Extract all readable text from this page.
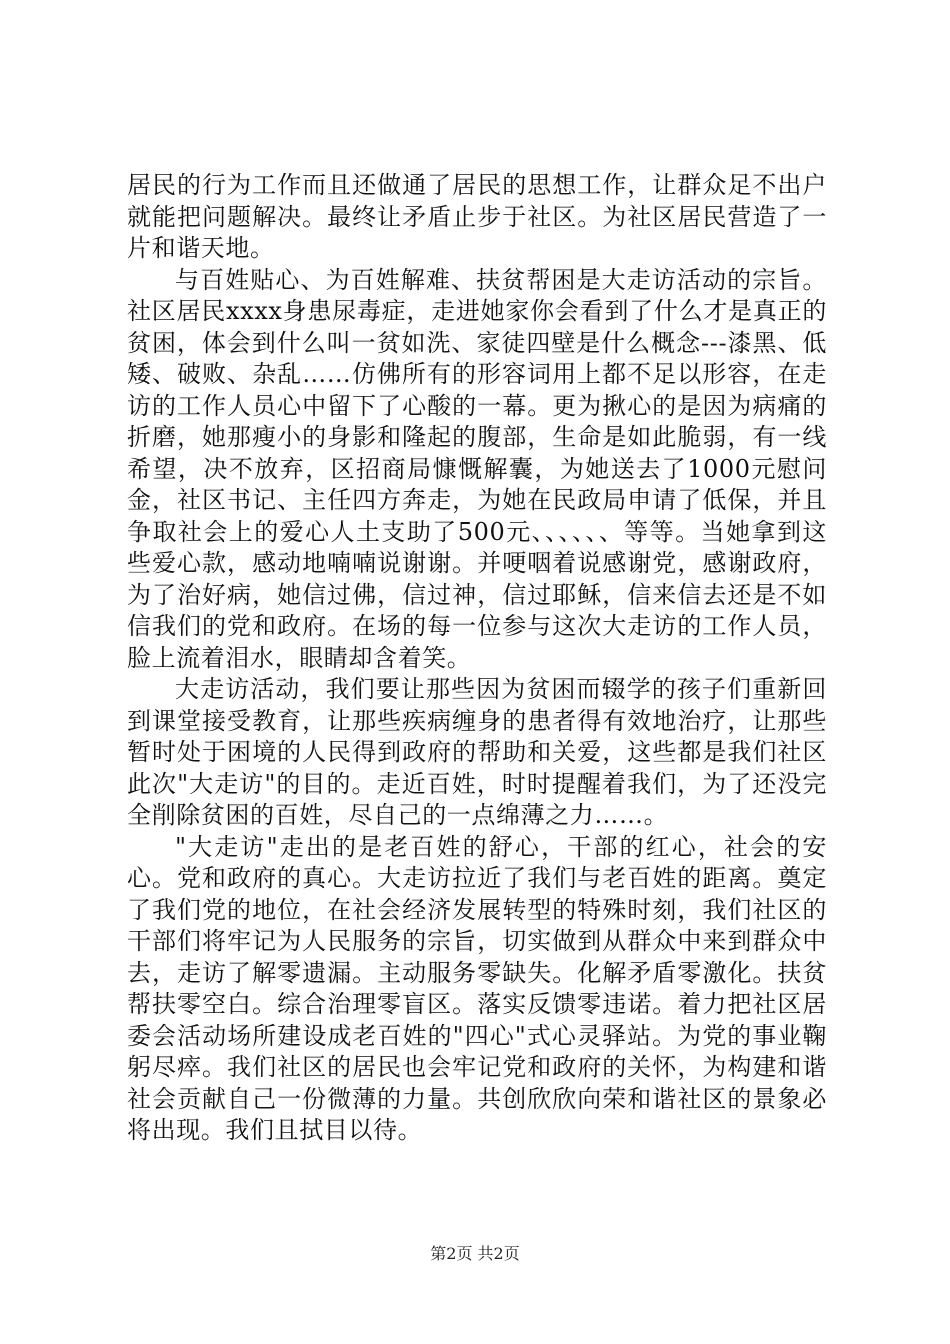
居民的行为工作而且还做通了居民的思想工作，让群众足不出户就能把问题解决。最终让矛盾止步于社区。为社区居民营造了一片和谐天地。

与百姓贴心、为百姓解难、扶贫帮困是大走访活动的宗旨。社区居民xxxx身患尿毒症，走进她家你会看到了什么才是真正的贫困，体会到什么叫一贫如洗、家徒四壁是什么概念---漆黑、低矮、破败、杂乱……仿佛所有的形容词用上都不足以形容，在走访的工作人员心中留下了心酸的一幕。更为揪心的是因为病痛的折磨，她那瘦小的身影和隆起的腹部，生命是如此脆弱，有一线希望，决不放弃，区招商局慷慨解囊，为她送去了1000元慰问金，社区书记、主任四方奔走，为她在民政局申请了低保，并且争取社会上的爱心人土支助了500元、、、、、、等等。当她拿到这些爱心款，感动地喃喃说谢谢。并哽咽着说感谢党，感谢政府，为了治好病，她信过佛，信过神，信过耶稣，信来信去还是不如信我们的党和政府。在场的每一位参与这次大走访的工作人员，脸上流着泪水，眼睛却含着笑。

大走访活动，我们要让那些因为贫困而辍学的孩子们重新回到课堂接受教育，让那些疾病缠身的患者得有效地治疗，让那些暂时处于困境的人民得到政府的帮助和关爱，这些都是我们社区此次"大走访"的目的。走近百姓，时时提醒着我们，为了还没完全削除贫困的百姓，尽自己的一点绵薄之力……。

"大走访"走出的是老百姓的舒心，干部的红心，社会的安心。党和政府的真心。大走访拉近了我们与老百姓的距离。奠定了我们党的地位，在社会经济发展转型的特殊时刻，我们社区的干部们将牢记为人民服务的宗旨，切实做到从群众中来到群众中去，走访了解零遗漏。主动服务零缺失。化解矛盾零激化。扶贫帮扶零空白。综合治理零盲区。落实反馈零违诺。着力把社区居委会活动场所建设成老百姓的"四心"式心灵驿站。为党的事业鞠躬尽瘁。我们社区的居民也会牢记党和政府的关怀，为构建和谐社会贡献自己一份微薄的力量。共创欣欣向荣和谐社区的景象必将出现。我们且拭目以待。

第2页 共2页
